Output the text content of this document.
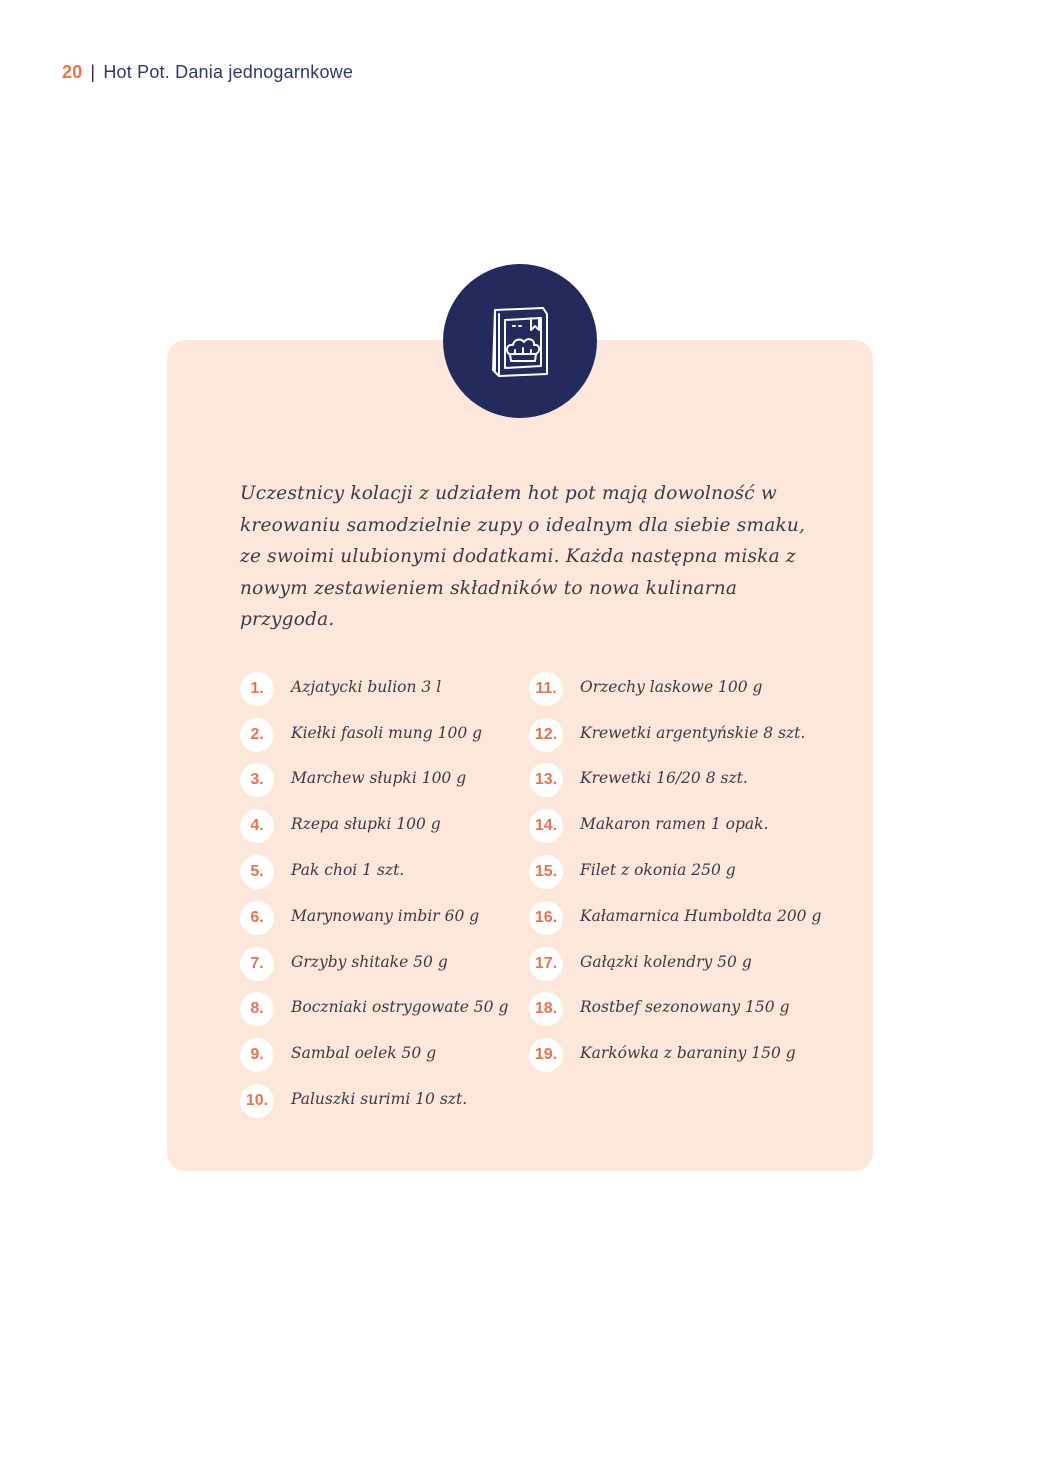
20 | Hot Pot. Dania jednogarnkowe
Uczestnicy kolacji z udziałem hot pot mają dowolność w kreowaniu samodzielnie zupy o idealnym dla siebie smaku, ze swoimi ulubionymi dodatkami. Każda następna miska z nowym zestawieniem składników to nowa kulinarna przygoda.
1.	Azjatycki bulion 3 l
2.	Kiełki fasoli mung 100 g
3.	Marchew słupki 100 g
4.	Rzepa słupki 100 g
5.	Pak choi 1 szt.
6.	Marynowany imbir 60 g
7.	Grzyby shitake 50 g
8.	Boczniaki ostrygowate 50 g
9.	Sambal oelek 50 g
10.	Paluszki surimi 10 szt.
11.	Orzechy laskowe 100 g
12.	Krewetki argentyńskie 8 szt.
13.	Krewetki 16/20 8 szt.
14.	Makaron ramen 1 opak.
15.	Filet z okonia 250 g
16.	Kałamarnica Humboldta 200 g
17.	Gałązki kolendry 50 g
18.	Rostbef sezonowany 150 g
19.	Karkówka z baraniny 150 g
